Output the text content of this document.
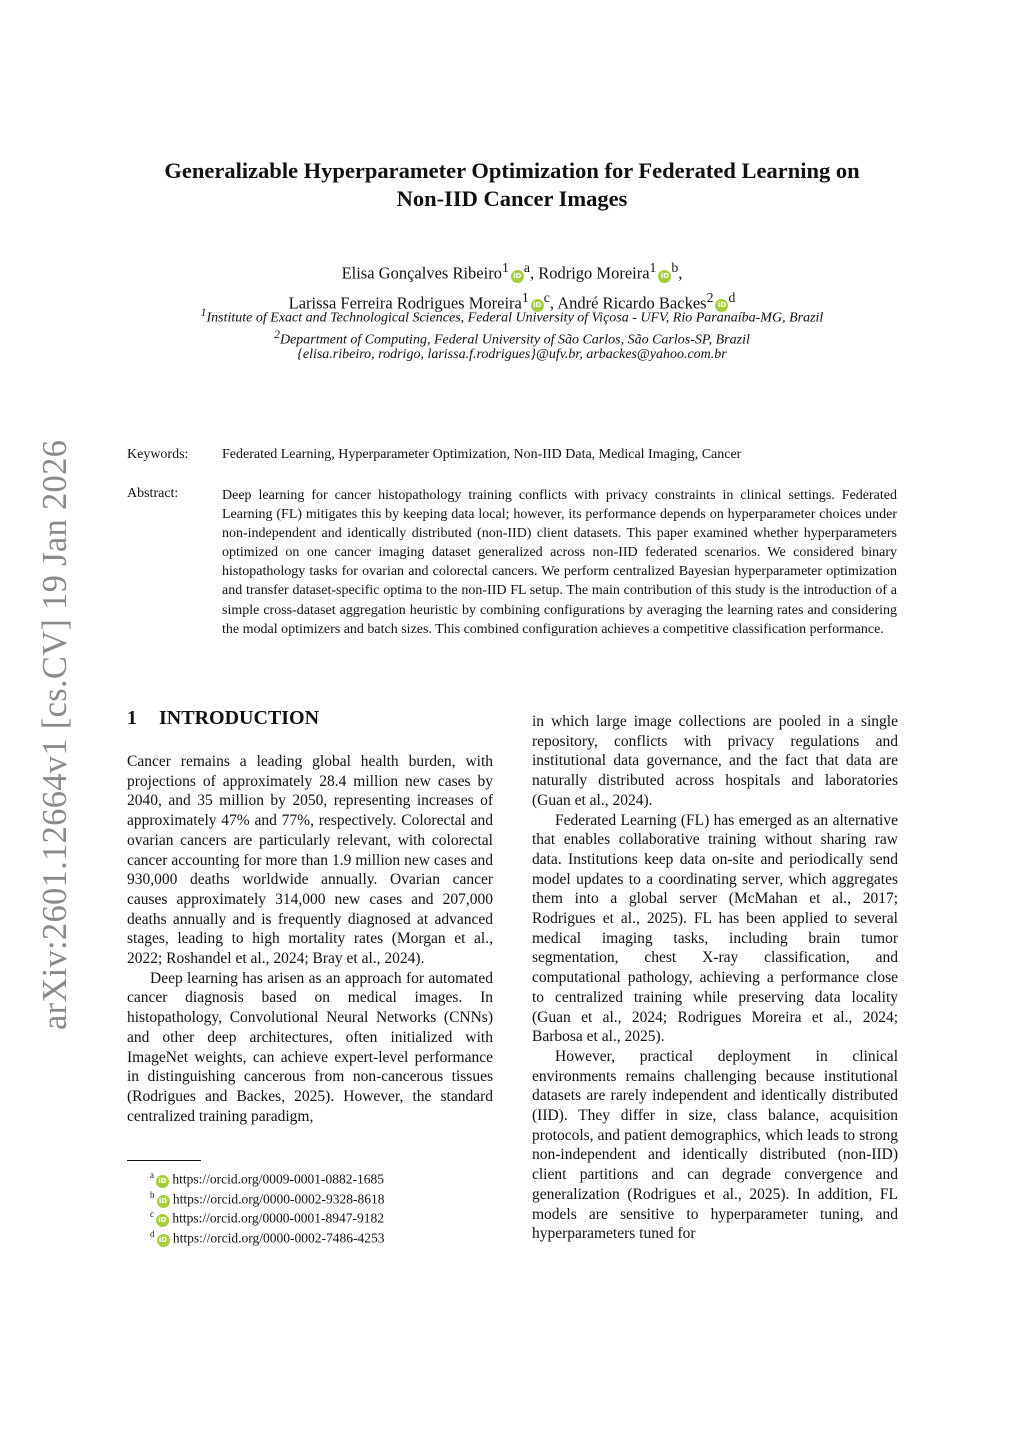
arXiv:2601.12664v1 [cs.CV] 19 Jan 2026
Generalizable Hyperparameter Optimization for Federated Learning on
Non-IID Cancer Images
Elisa Gonçalves $Ribeiro^1iD^a$, Rodrigo $Moreira^1iD^b$,
Larissa Ferreira Rodrigues $Moreira^1iD^c$, André Ricardo $Backes^2iD^d$
$^1$Institute of Exact and Technological Sciences, Federal University of Viçosa - UFV, Rio Paranaíba-MG, Brazil
$^2$Department of Computing, Federal University of São Carlos, São Carlos-SP, Brazil
{elisa.ribeiro, rodrigo, larissa.f.rodrigues}@ufv.br, arbackes@yahoo.com.br
Keywords: Federated Learning, Hyperparameter Optimization, Non-IID Data, Medical Imaging, Cancer
Abstract:	Deep learning for cancer histopathology training conflicts with privacy constraints in clinical settings. Federated Learning (FL) mitigates this by keeping data local; however, its performance depends on hyperparameter choices under non-independent and identically distributed (non-IID) client datasets. This paper examined whether hyperparameters optimized on one cancer imaging dataset generalized across non-IID federated scenarios. We considered binary histopathology tasks for ovarian and colorectal cancers. We perform centralized Bayesian hyperparameter optimization and transfer dataset-specific optima to the non-IID FL setup. The main contribution of this study is the introduction of a simple cross-dataset aggregation heuristic by combining configurations by averaging the learning rates and considering the modal optimizers and batch sizes. This combined configuration achieves a competitive classification performance.
1 INTRODUCTION

Cancer remains a leading global health burden, with projections of approximately 28.4 million new cases by 2040, and 35 million by 2050, representing increases of approximately 47% and 77%, respectively. Colorectal and ovarian cancers are particularly relevant, with colorectal cancer accounting for more than 1.9 million new cases and 930,000 deaths worldwide annually. Ovarian cancer causes approximately 314,000 new cases and 207,000 deaths annually and is frequently diagnosed at advanced stages, leading to high mortality rates (Morgan et al., 2022; Roshandel et al., 2024; Bray et al., 2024).

Deep learning has arisen as an approach for automated cancer diagnosis based on medical images. In histopathology, Convolutional Neural Networks (CNNs) and other deep architectures, often initialized with ImageNet weights, can achieve expert-level performance in distinguishing cancerous from non-cancerous tissues (Rodrigues and Backes, 2025). However, the standard centralized training paradigm,

in which large image collections are pooled in a single repository, conflicts with privacy regulations and institutional data governance, and the fact that data are naturally distributed across hospitals and laboratories (Guan et al., 2024).

Federated Learning (FL) has emerged as an alternative that enables collaborative training without sharing raw data. Institutions keep data on-site and periodically send model updates to a coordinating server, which aggregates them into a global server (McMahan et al., 2017; Rodrigues et al., 2025). FL has been applied to several medical imaging tasks, including brain tumor segmentation, chest X-ray classification, and computational pathology, achieving a performance close to centralized training while preserving data locality (Guan et al., 2024; Rodrigues Moreira et al., 2024; Barbosa et al., 2025).

However, practical deployment in clinical environments remains challenging because institutional datasets are rarely independent and identically distributed (IID). They differ in size, class balance, acquisition protocols, and patient demographics, which leads to strong non-independent and identically distributed (non-IID) client partitions and can degrade convergence and generalization (Rodrigues et al., 2025). In addition, FL models are sensitive to hyperparameter tuning, and hyperparameters tuned for

$^a$iD https://orcid.org/0009-0001-0882-1685
$^b$iD https://orcid.org/0000-0002-9328-8618
$^c$iD https://orcid.org/0000-0001-8947-9182
$^d$iD https://orcid.org/0000-0002-7486-4253
